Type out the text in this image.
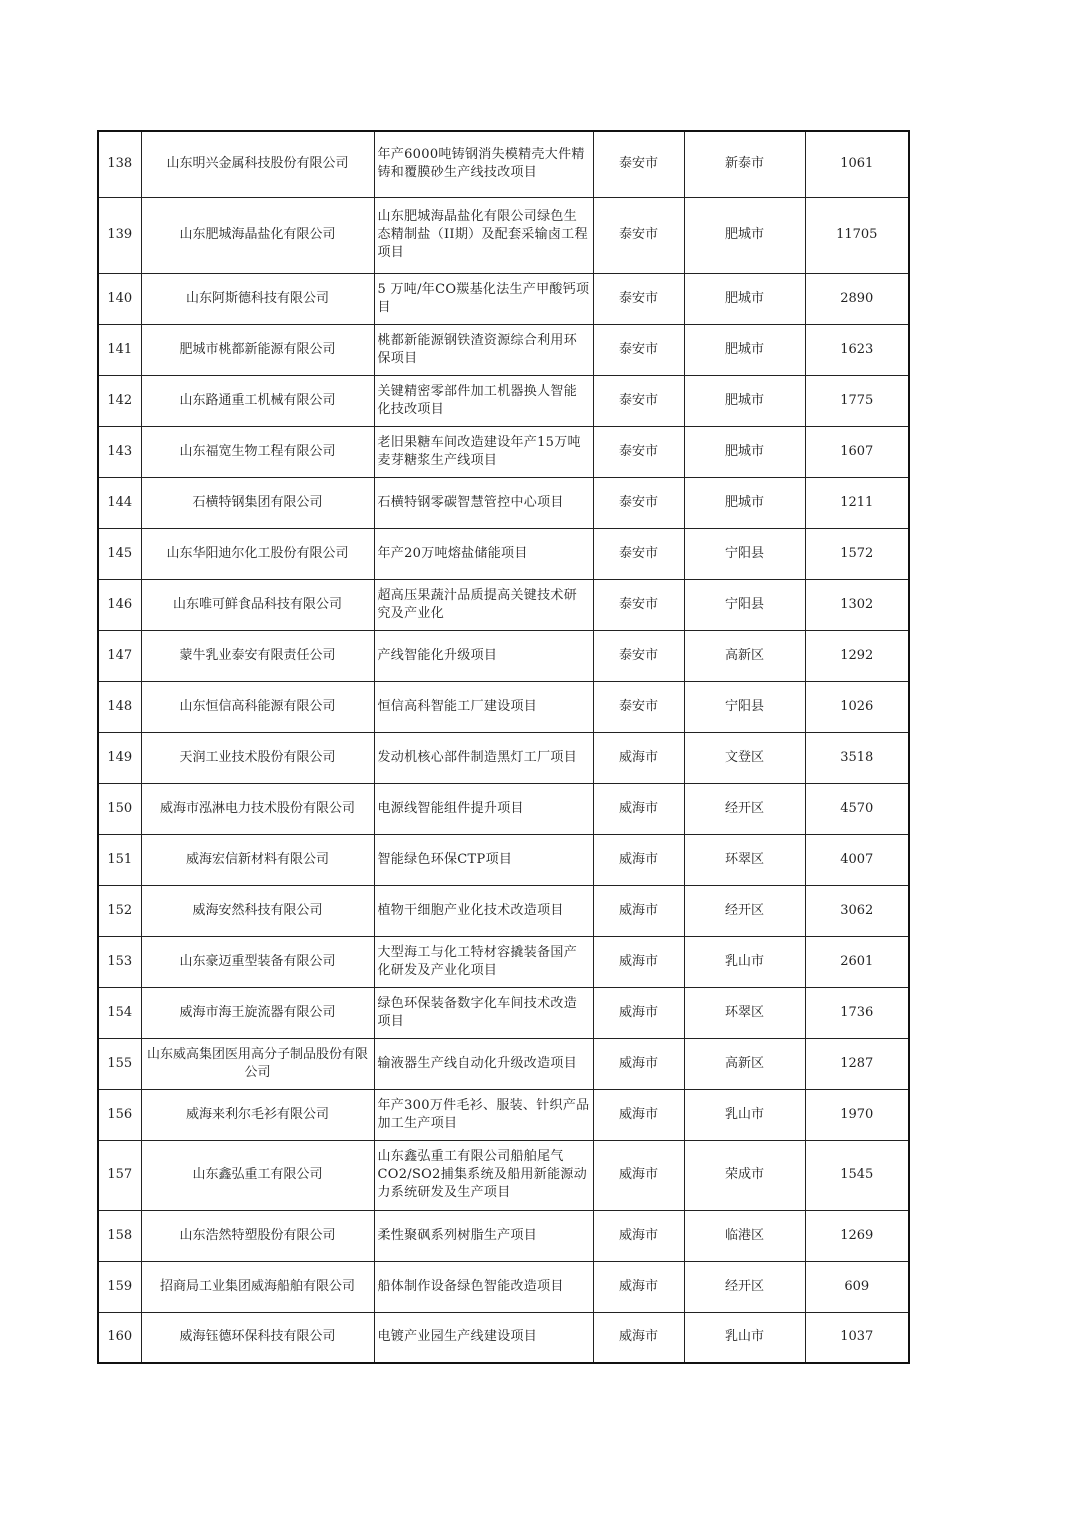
138	山东明兴金属科技股份有限公司	年产6000吨铸钢消失模精壳大件精铸和覆膜砂生产线技改项目	泰安市	新泰市	1061
139	山东肥城海晶盐化有限公司	山东肥城海晶盐化有限公司绿色生态精制盐（II期）及配套采输卤工程项目	泰安市	肥城市	11705
140	山东阿斯德科技有限公司	5 万吨/年CO羰基化法生产甲酸钙项目	泰安市	肥城市	2890
141	肥城市桃都新能源有限公司	桃都新能源钢铁渣资源综合利用环保项目	泰安市	肥城市	1623
142	山东路通重工机械有限公司	关键精密零部件加工机器换人智能化技改项目	泰安市	肥城市	1775
143	山东福宽生物工程有限公司	老旧果糖车间改造建设年产15万吨麦芽糖浆生产线项目	泰安市	肥城市	1607
144	石横特钢集团有限公司	石横特钢零碳智慧管控中心项目	泰安市	肥城市	1211
145	山东华阳迪尔化工股份有限公司	年产20万吨熔盐储能项目	泰安市	宁阳县	1572
146	山东唯可鲜食品科技有限公司	超高压果蔬汁品质提高关键技术研究及产业化	泰安市	宁阳县	1302
147	蒙牛乳业泰安有限责任公司	产线智能化升级项目	泰安市	高新区	1292
148	山东恒信高科能源有限公司	恒信高科智能工厂建设项目	泰安市	宁阳县	1026
149	天润工业技术股份有限公司	发动机核心部件制造黑灯工厂项目	威海市	文登区	3518
150	威海市泓淋电力技术股份有限公司	电源线智能组件提升项目	威海市	经开区	4570
151	威海宏信新材料有限公司	智能绿色环保CTP项目	威海市	环翠区	4007
152	威海安然科技有限公司	植物干细胞产业化技术改造项目	威海市	经开区	3062
153	山东豪迈重型装备有限公司	大型海工与化工特材容撬装备国产化研发及产业化项目	威海市	乳山市	2601
154	威海市海王旋流器有限公司	绿色环保装备数字化车间技术改造项目	威海市	环翠区	1736
155	山东威高集团医用高分子制品股份有限公司	输液器生产线自动化升级改造项目	威海市	高新区	1287
156	威海来利尔毛衫有限公司	年产300万件毛衫、服装、针织产品加工生产项目	威海市	乳山市	1970
157	山东鑫弘重工有限公司	山东鑫弘重工有限公司船舶尾气CO2/SO2捕集系统及船用新能源动力系统研发及生产项目	威海市	荣成市	1545
158	山东浩然特塑股份有限公司	柔性聚砜系列树脂生产项目	威海市	临港区	1269
159	招商局工业集团威海船舶有限公司	船体制作设备绿色智能改造项目	威海市	经开区	609
160	威海钰德环保科技有限公司	电镀产业园生产线建设项目	威海市	乳山市	1037
